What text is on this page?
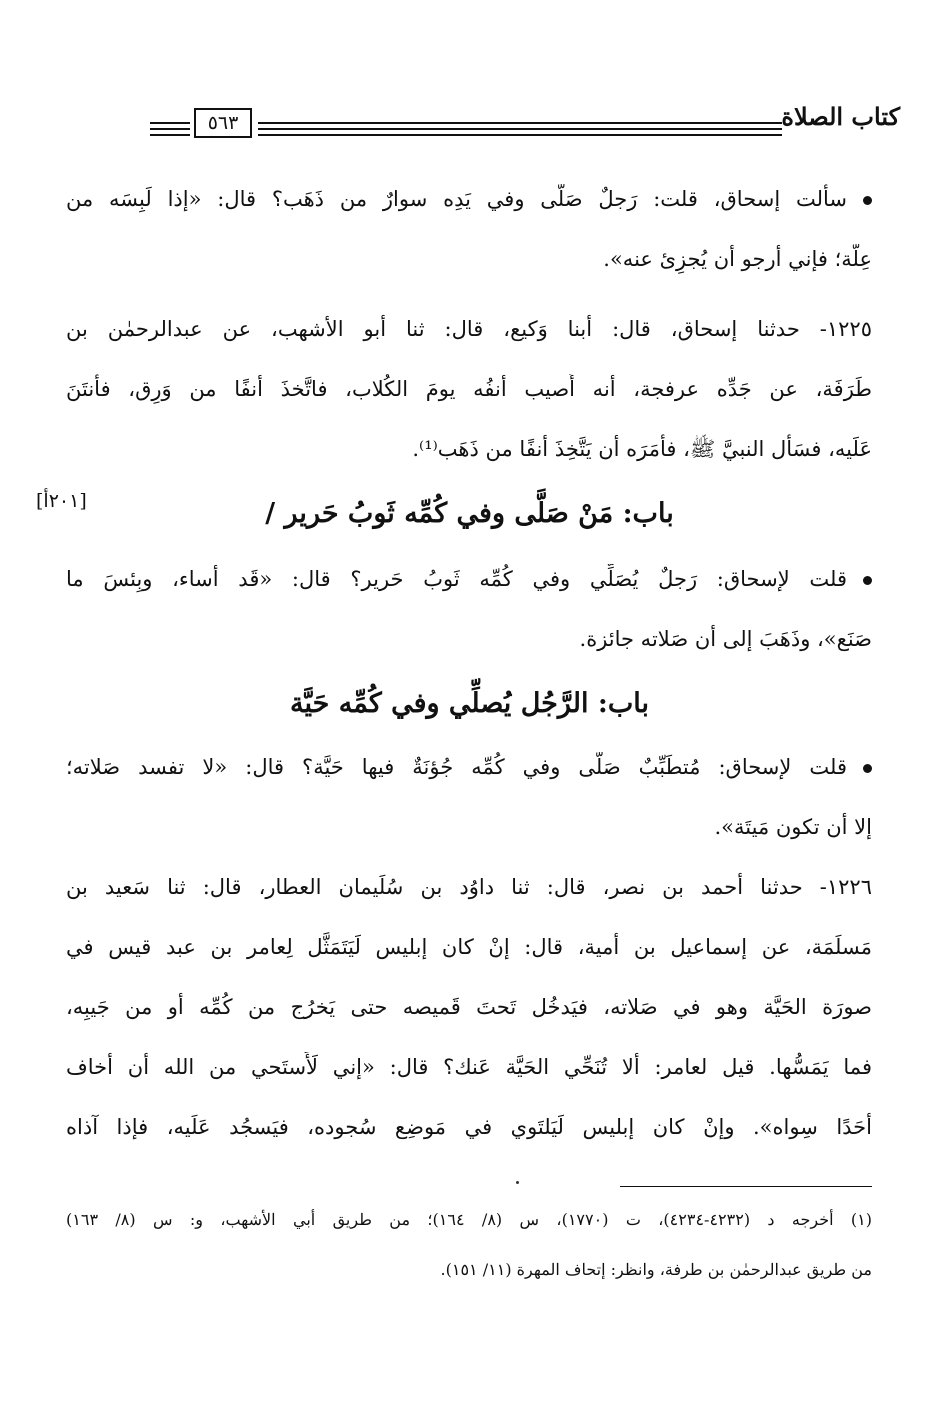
كتاب الصلاة
٥٦٣
[٢٠١أ]
سألت إسحاق، قلت: رَجلٌ صَلَّى وفي يَدِه سوارٌ من ذَهَب؟ قال: «إذا لَبِسَه من
عِلَّة؛ فإني أرجو أن يُجزِئ عنه».
١٢٢٥- حدثنا إسحاق، قال: أبنا وَكيع، قال: ثنا أبو الأشهب، عن عبدالرحمٰن بن
طَرَفَة، عن جَدِّه عرفجة، أنه أُصيب أنفُه يومَ الكُلاب، فاتَّخذَ أنفًا من وَرِق، فأنتَنَ
عَلَيه، فسَأل النبيَّ ﷺ، فأمَرَه أن يَتَّخِذَ أنفًا من ذَهَب⁽¹⁾.
باب: مَنْ صَلَّى وفي كُمِّه ثَوبُ حَرير /
قلت لإسحاق: رَجلٌ يُصَلِّي وفي كُمِّه ثَوبُ حَرير؟ قال: «قَد أساء، وبِئسَ ما
صَنَع»، وذَهَبَ إلى أن صَلاته جائزة.
باب: الرَّجُل يُصلِّي وفي كُمِّه حَيَّة
قلت لإسحاق: مُتطَبِّبٌ صَلَّى وفي كُمِّه جُؤنَةٌ فيها حَيَّة؟ قال: «لا تفسد صَلاته؛
إلا أن تكون مَيتَة».
١٢٢٦- حدثنا أحمد بن نصر، قال: ثنا داوُد بن سُلَيمان العطار، قال: ثنا سَعيد بن
مَسلَمَة، عن إسماعيل بن أمية، قال: إنْ كان إبليس لَيَتَمَثَّل لِعامر بن عبد قيس في
صورَة الحَيَّة وهو في صَلاته، فيَدخُل تَحتَ قَميصه حتى يَخرُج من كُمِّه أو من جَيبِه،
فما يَمَسُّها. قيل لعامر: ألا تُنَحِّي الحَيَّة عَنك؟ قال: «إني لَأَستَحي من الله أن أخاف
أحَدًا سِواه». وإنْ كان إبليس لَيَلتَوي في مَوضِع سُجوده، فيَسجُد عَلَيه، فإذا آذاه
(١) أخرجه د (٤٢٣٢-٤٢٣٤)، ت (١٧٧٠)، س (٨/ ١٦٤)؛ من طريق أبي الأشهب، و: س (٨/ ١٦٣)
من طريق عبدالرحمٰن بن طرفة، وانظر: إتحاف المهرة (١١/ ١٥١).
